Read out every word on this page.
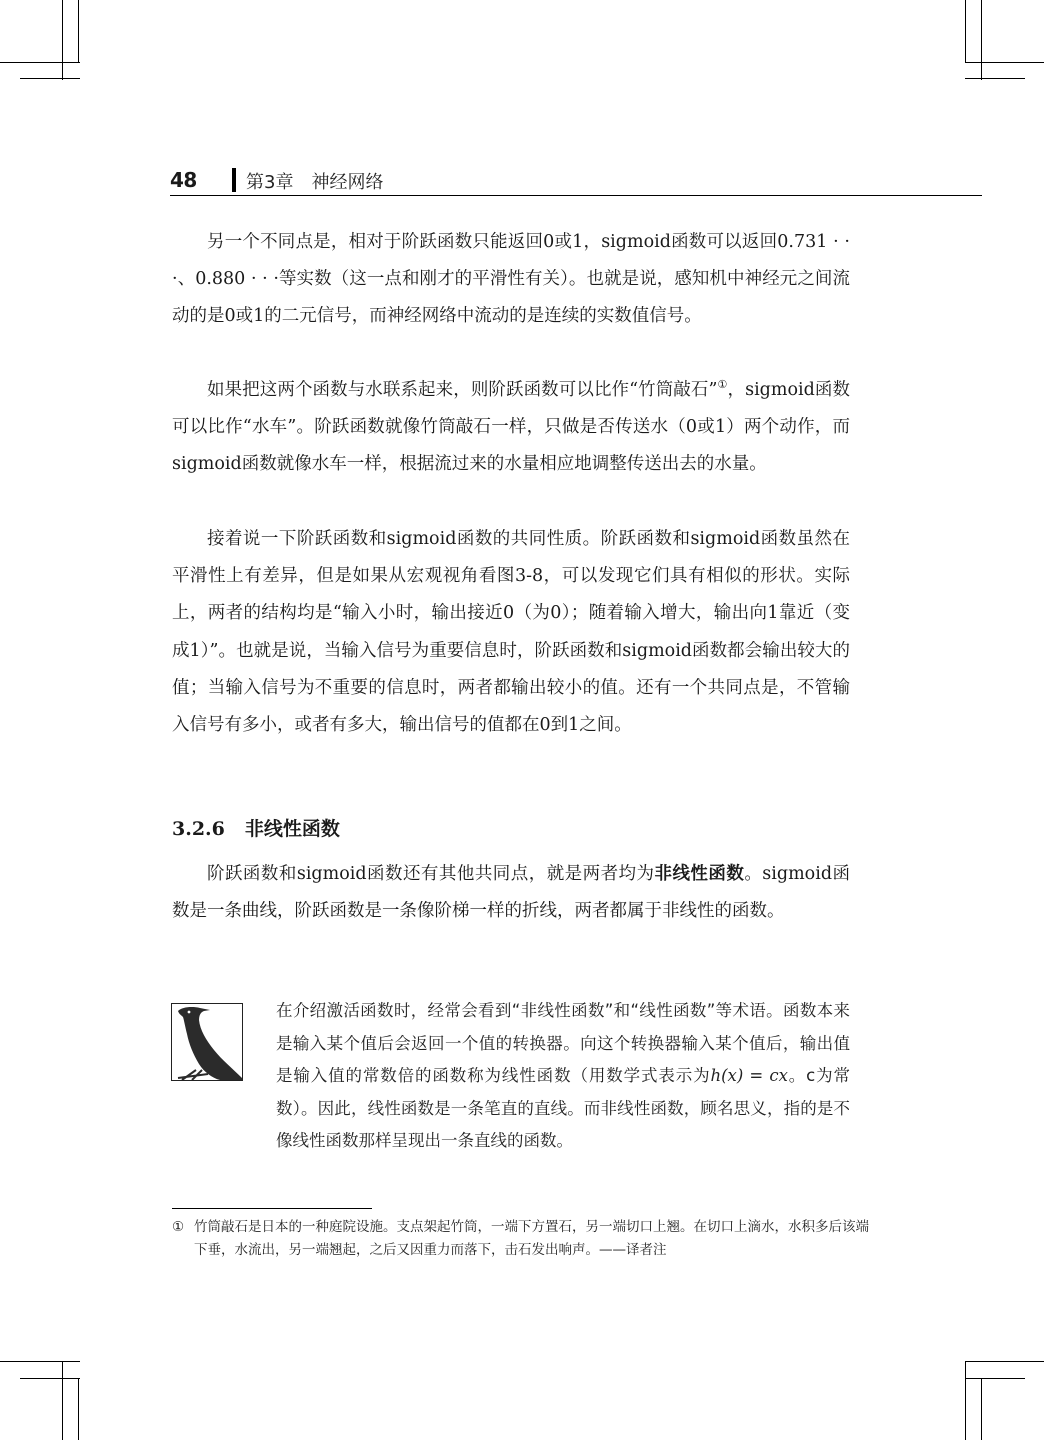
48	第3章　神经网络

另一个不同点是，相对于阶跃函数只能返回0或1，sigmoid函数可以返回0.731 · · ·、0.880 · · ·等实数（这一点和刚才的平滑性有关）。也就是说，感知机中神经元之间流动的是0或1的二元信号，而神经网络中流动的是连续的实数值信号。

如果把这两个函数与水联系起来，则阶跃函数可以比作“竹筒敲石”①，sigmoid函数可以比作“水车”。阶跃函数就像竹筒敲石一样，只做是否传送水（0或1）两个动作，而sigmoid函数就像水车一样，根据流过来的水量相应地调整传送出去的水量。

接着说一下阶跃函数和sigmoid函数的共同性质。阶跃函数和sigmoid函数虽然在平滑性上有差异，但是如果从宏观视角看图3-8，可以发现它们具有相似的形状。实际上，两者的结构均是“输入小时，输出接近0（为0）；随着输入增大，输出向1靠近（变成1）”。也就是说，当输入信号为重要信息时，阶跃函数和sigmoid函数都会输出较大的值；当输入信号为不重要的信息时，两者都输出较小的值。还有一个共同点是，不管输入信号有多小，或者有多大，输出信号的值都在0到1之间。

3.2.6 非线性函数

阶跃函数和sigmoid函数还有其他共同点，就是两者均为非线性函数。sigmoid函数是一条曲线，阶跃函数是一条像阶梯一样的折线，两者都属于非线性的函数。

在介绍激活函数时，经常会看到“非线性函数”和“线性函数”等术语。函数本来是输入某个值后会返回一个值的转换器。向这个转换器输入某个值后，输出值是输入值的常数倍的函数称为线性函数（用数学式表示为h(x) = cx。c为常数）。因此，线性函数是一条笔直的直线。而非线性函数，顾名思义，指的是不像线性函数那样呈现出一条直线的函数。

① 竹筒敲石是日本的一种庭院设施。支点架起竹筒，一端下方置石，另一端切口上翘。在切口上滴水，水积多后该端下垂，水流出，另一端翘起，之后又因重力而落下，击石发出响声。——译者注
